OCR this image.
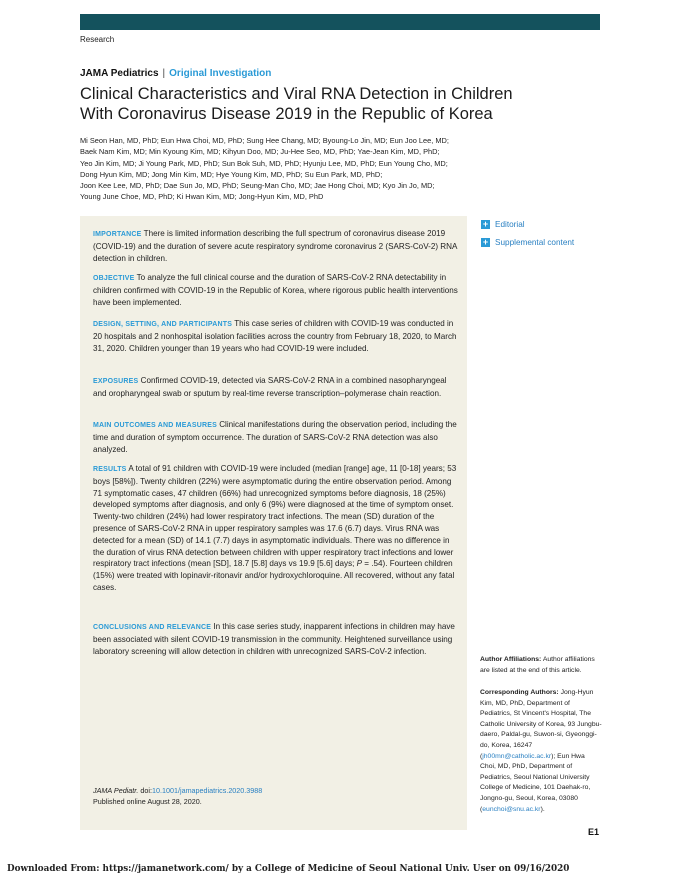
Research
JAMA Pediatrics | Original Investigation
Clinical Characteristics and Viral RNA Detection in Children
With Coronavirus Disease 2019 in the Republic of Korea
Mi Seon Han, MD, PhD; Eun Hwa Choi, MD, PhD; Sung Hee Chang, MD; Byoung-Lo Jin, MD; Eun Joo Lee, MD;
Baek Nam Kim, MD; Min Kyoung Kim, MD; Kihyun Doo, MD; Ju-Hee Seo, MD, PhD; Yae-Jean Kim, MD, PhD;
Yeo Jin Kim, MD; Ji Young Park, MD, PhD; Sun Bok Suh, MD, PhD; Hyunju Lee, MD, PhD; Eun Young Cho, MD;
Dong Hyun Kim, MD; Jong Min Kim, MD; Hye Young Kim, MD, PhD; Su Eun Park, MD, PhD;
Joon Kee Lee, MD, PhD; Dae Sun Jo, MD, PhD; Seung-Man Cho, MD; Jae Hong Choi, MD; Kyo Jin Jo, MD;
Young June Choe, MD, PhD; Ki Hwan Kim, MD; Jong-Hyun Kim, MD, PhD
+ Editorial
+ Supplemental content

IMPORTANCE There is limited information describing the full spectrum of coronavirus disease 2019 (COVID-19) and the duration of severe acute respiratory syndrome coronavirus 2 (SARS-CoV-2) RNA detection in children.

OBJECTIVE To analyze the full clinical course and the duration of SARS-CoV-2 RNA detectability in children confirmed with COVID-19 in the Republic of Korea, where rigorous public health interventions have been implemented.

DESIGN, SETTING, AND PARTICIPANTS This case series of children with COVID-19 was conducted in 20 hospitals and 2 nonhospital isolation facilities across the country from February 18, 2020, to March 31, 2020. Children younger than 19 years who had COVID-19 were included.

EXPOSURES Confirmed COVID-19, detected via SARS-CoV-2 RNA in a combined nasopharyngeal and oropharyngeal swab or sputum by real-time reverse transcription–polymerase chain reaction.

MAIN OUTCOMES AND MEASURES Clinical manifestations during the observation period, including the time and duration of symptom occurrence. The duration of SARS-CoV-2 RNA detection was also analyzed.

RESULTS A total of 91 children with COVID-19 were included (median [range] age, 11 [0-18] years; 53 boys [58%]). Twenty children (22%) were asymptomatic during the entire observation period. Among 71 symptomatic cases, 47 children (66%) had unrecognized symptoms before diagnosis, 18 (25%) developed symptoms after diagnosis, and only 6 (9%) were diagnosed at the time of symptom onset. Twenty-two children (24%) had lower respiratory tract infections. The mean (SD) duration of the presence of SARS-CoV-2 RNA in upper respiratory samples was 17.6 (6.7) days. Virus RNA was detected for a mean (SD) of 14.1 (7.7) days in asymptomatic individuals. There was no difference in the duration of virus RNA detection between children with upper respiratory tract infections and lower respiratory tract infections (mean [SD], 18.7 [5.8] days vs 19.9 [5.6] days; P = .54). Fourteen children (15%) were treated with lopinavir-ritonavir and/or hydroxychloroquine. All recovered, without any fatal cases.

CONCLUSIONS AND RELEVANCE In this case series study, inapparent infections in children may have been associated with silent COVID-19 transmission in the community. Heightened surveillance using laboratory screening will allow detection in children with unrecognized SARS-CoV-2 infection.

JAMA Pediatr. doi:10.1001/jamapediatrics.2020.3988
Published online August 28, 2020.
Author Affiliations: Author affiliations are listed at the end of this article.
Corresponding Authors: Jong-Hyun Kim, MD, PhD, Department of Pediatrics, St Vincent's Hospital, The Catholic University of Korea, 93 Jungbu-daero, Paldal-gu, Suwon-si, Gyeonggi-do, Korea, 16247 (jh00mn@catholic.ac.kr); Eun Hwa Choi, MD, PhD, Department of Pediatrics, Seoul National University College of Medicine, 101 Daehak-ro, Jongno-gu, Seoul, Korea, 03080 (eunchoi@snu.ac.kr).
E1
Downloaded From: https://jamanetwork.com/ by a College of Medicine of Seoul National Univ. User on 09/16/2020
